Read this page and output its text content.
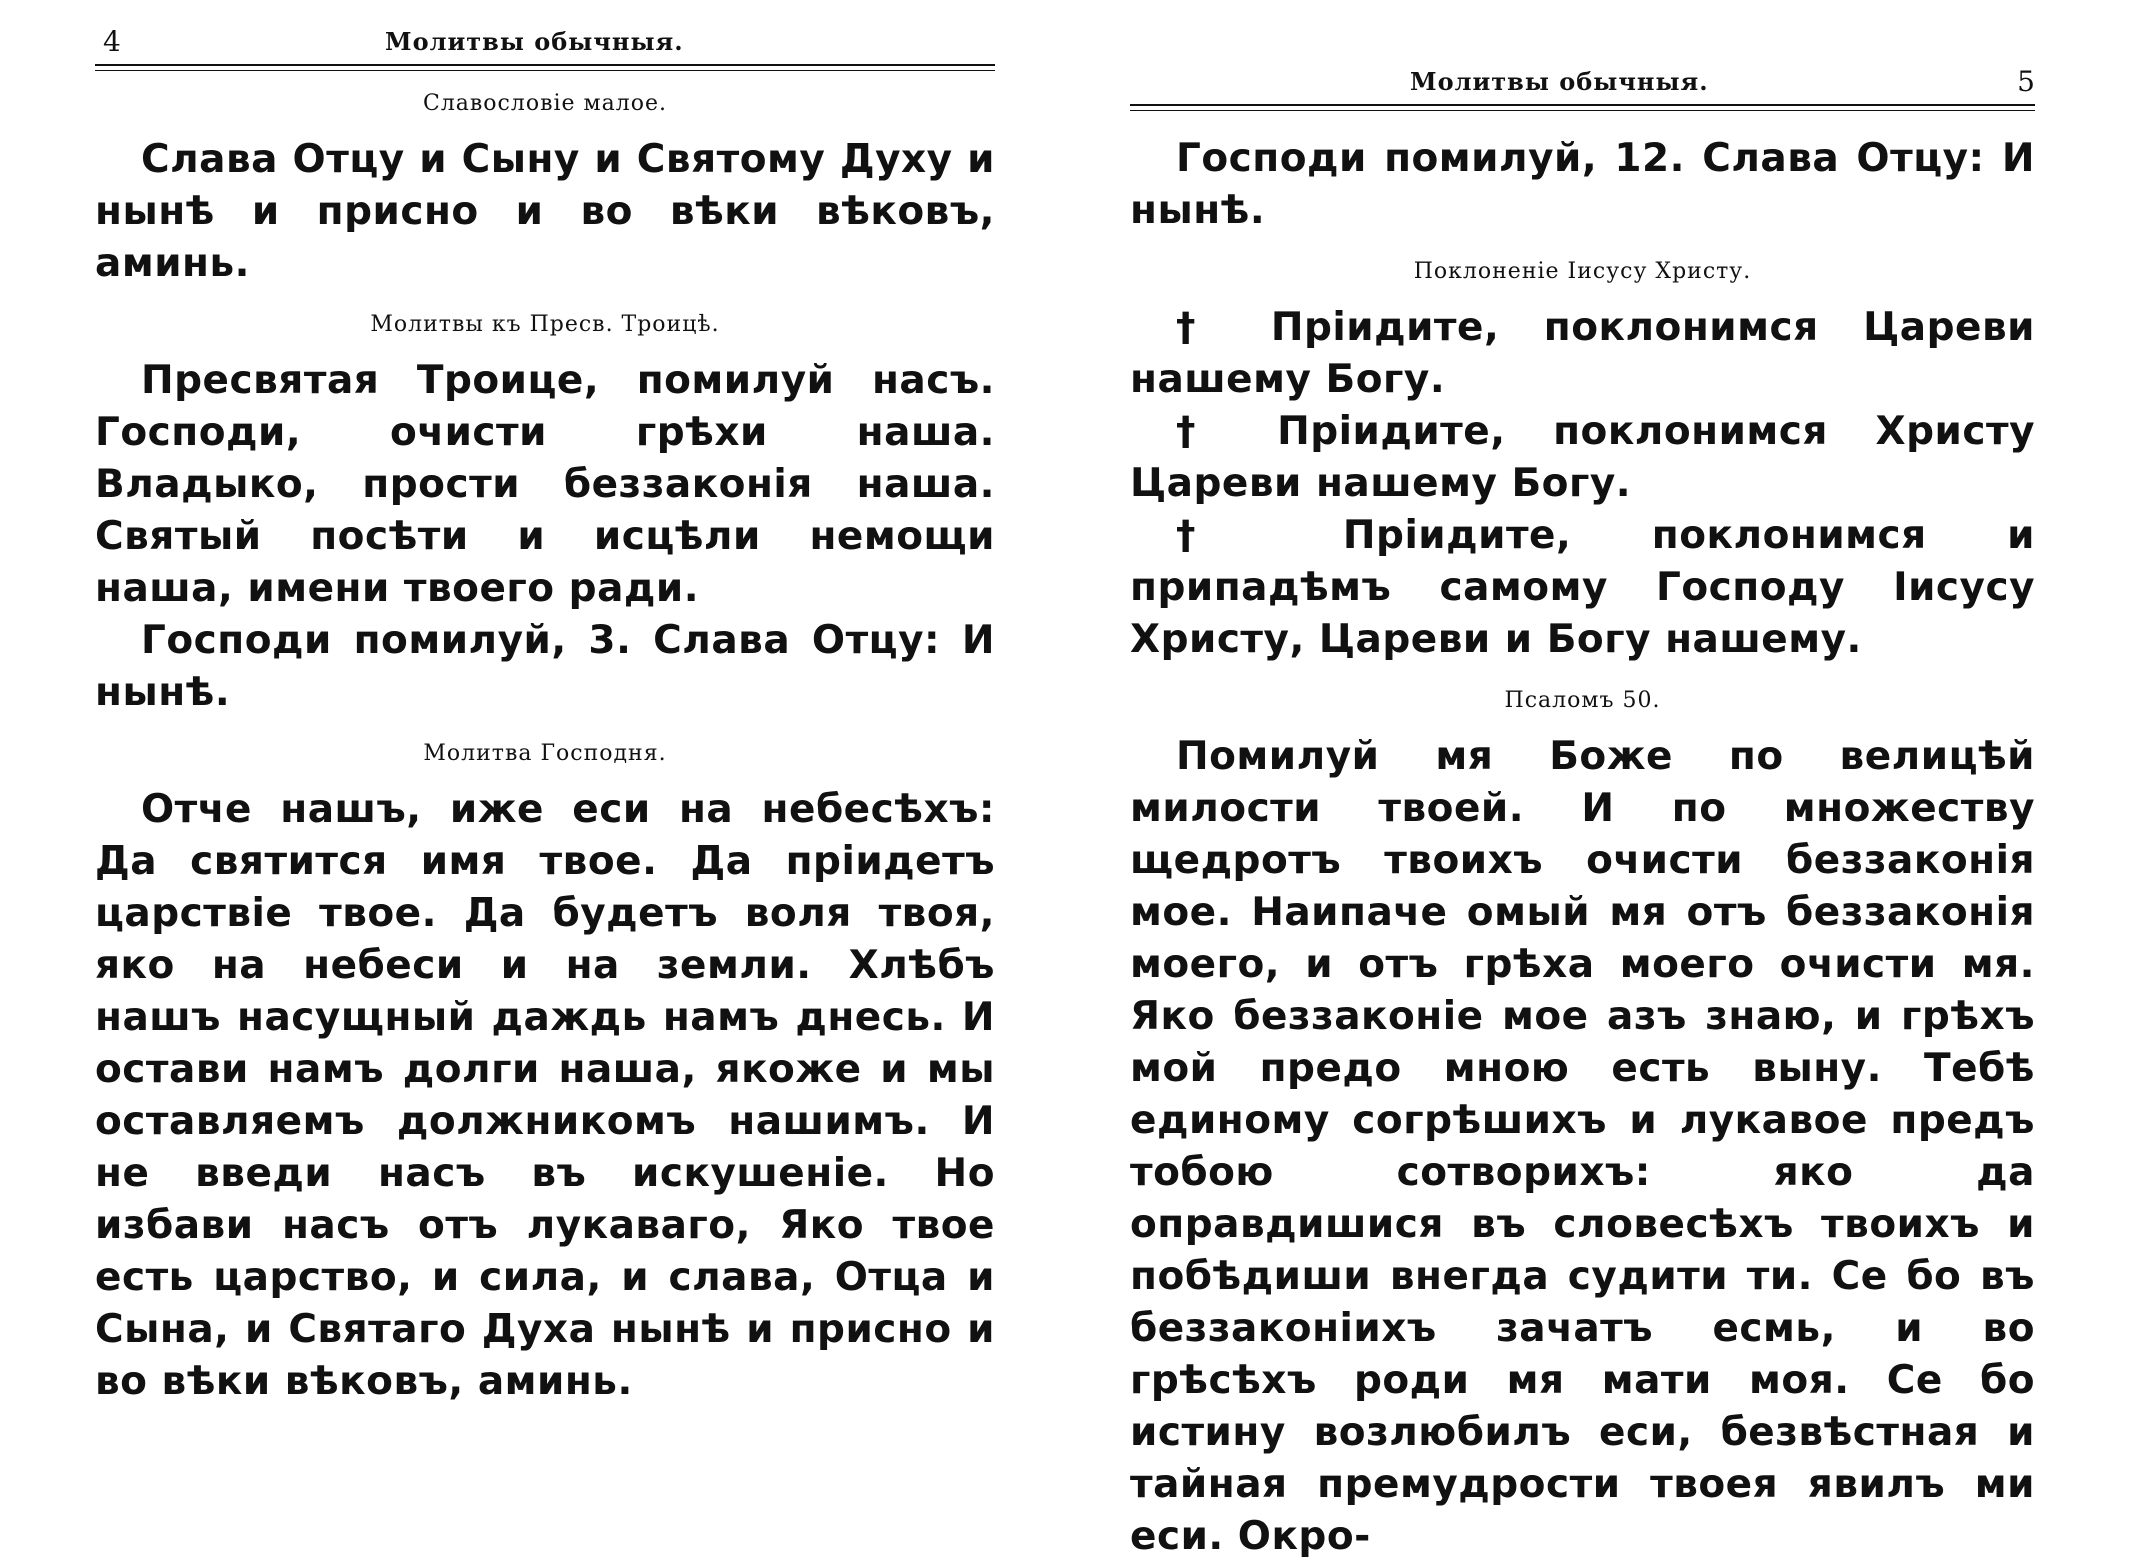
4	Молитвы обычныя.
Славословіе малое.

Слава Отцу и Сыну и Святому Духу и нынѣ и присно и во вѣки вѣковъ, аминь.

Молитвы къ Пресв. Троицѣ.

Пресвятая Троице, помилуй насъ. Господи, очисти грѣхи наша. Владыко, прости беззаконія наша. Святый посѣти и исцѣли немощи наша, имени твоего ради.

Господи помилуй, 3. Слава Отцу: И нынѣ.

Молитва Господня.

Отче нашъ, иже еси на небесѣхъ: Да святится имя твое. Да пріидетъ царствіе твое. Да будетъ воля твоя, яко на небеси и на земли. Хлѣбъ нашъ насущный даждь намъ днесь. И остави намъ долги наша, якоже и мы оставляемъ должникомъ нашимъ. И не введи насъ въ искушеніе. Но избави насъ отъ лукаваго, Яко твое есть царство, и сила, и слава, Отца и Сына, и Святаго Духа нынѣ и присно и во вѣки вѣковъ, аминь.

Молитвы обычныя.	5

Господи помилуй, 12. Слава Отцу: И нынѣ.

Поклоненіе Іисусу Христу.

† Пріидите, поклонимся Цареви нашему Богу.

† Пріидите, поклонимся Христу Цареви нашему Богу.

† Пріидите, поклонимся и припадѣмъ самому Господу Іисусу Христу, Цареви и Богу нашему.

Псаломъ 50.

Помилуй мя Боже по велицѣй милости твоей. И по множеству щедротъ твоихъ очисти беззаконія мое. Наипаче омый мя отъ беззаконія моего, и отъ грѣха моего очисти мя. Яко беззаконіе мое азъ знаю, и грѣхъ мой предо мною есть выну. Тебѣ единому согрѣшихъ и лукавое предъ тобою сотворихъ: яко да оправдишися въ словесѣхъ твоихъ и побѣдиши внегда судити ти. Се бо въ беззаконіихъ зачатъ есмь, и во грѣсѣхъ роди мя мати моя. Се бо истину возлюбилъ еси, безвѣстная и тайная премудрости твоея явилъ ми еси. Окро-
